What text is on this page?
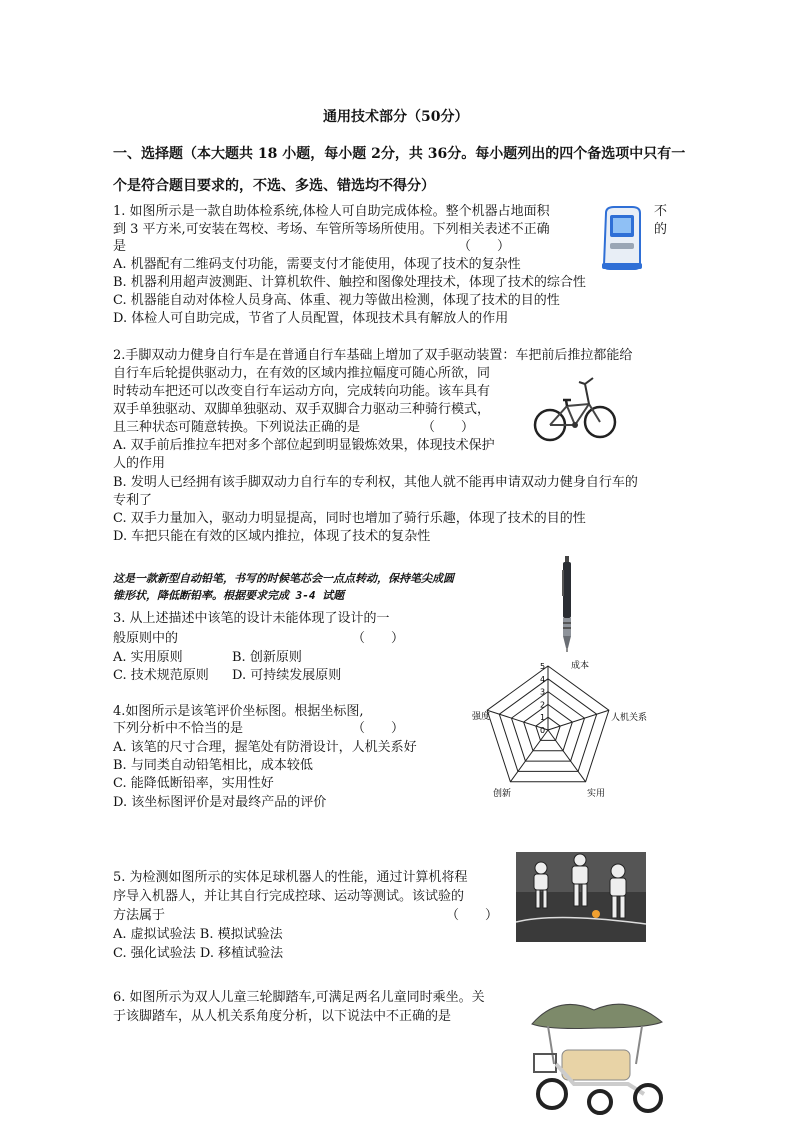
通用技术部分（50分）
一、选择题（本大题共 18 小题，每小题 2分，共 36分。每小题列出的四个备选项中只有一
个是符合题目要求的，不选、多选、错选均不得分）
1. 如图所示是一款自助体检系统,体检人可自助完成体检。整个机器占地面积	不
到 3 平方米,可安装在驾校、考场、车管所等场所使用。下列相关表述不正确	的
是	（　　）
A. 机器配有二维码支付功能，需要支付才能使用，体现了技术的复杂性
B. 机器利用超声波测距、计算机软件、触控和图像处理技术，体现了技术的综合性
C. 机器能自动对体检人员身高、体重、视力等做出检测，体现了技术的目的性
D. 体检人可自助完成，节省了人员配置，体现技术具有解放人的作用
2.手脚双动力健身自行车是在普通自行车基础上增加了双手驱动装置：车把前后推拉都能给
自行车后轮提供驱动力，在有效的区域内推拉幅度可随心所欲，同
时转动车把还可以改变自行车运动方向，完成转向功能。该车具有
双手单独驱动、双脚单独驱动、双手双脚合力驱动三种骑行模式，
且三种状态可随意转换。下列说法正确的是	（　　）
A. 双手前后推拉车把对多个部位起到明显锻炼效果，体现技术保护
人的作用
B. 发明人已经拥有该手脚双动力自行车的专利权，其他人就不能再申请双动力健身自行车的
专利了
C. 双手力量加入，驱动力明显提高，同时也增加了骑行乐趣，体现了技术的目的性
D. 车把只能在有效的区域内推拉，体现了技术的复杂性
这是一款新型自动铅笔，书写的时候笔芯会一点点转动，保持笔尖成圆
锥形状，降低断铅率。根据要求完成 3-4 试题
3. 从上述描述中该笔的设计未能体现了设计的一
般原则中的	（　　）
A. 实用原则	B. 创新原则
C. 技术规范原则 D. 可持续发展原则
4.如图所示是该笔评价坐标图。根据坐标图,
下列分析中不恰当的是	（　　）
A. 该笔的尺寸合理，握笔处有防滑设计，人机关系好
B. 与同类自动铅笔相比，成本较低
C. 能降低断铅率，实用性好
D. 该坐标图评价是对最终产品的评价
5
4
3
2
1
0
成本
人机关系
实用
创新
强度
5. 为检测如图所示的实体足球机器人的性能，通过计算机将程
序导入机器人，并让其自行完成控球、运动等测试。该试验的
方法属于	（　　）
A. 虚拟试验法 B. 模拟试验法
C. 强化试验法 D. 移植试验法
6. 如图所示为双人儿童三轮脚踏车,可满足两名儿童同时乘坐。关
于该脚踏车，从人机关系角度分析，以下说法中不正确的是
